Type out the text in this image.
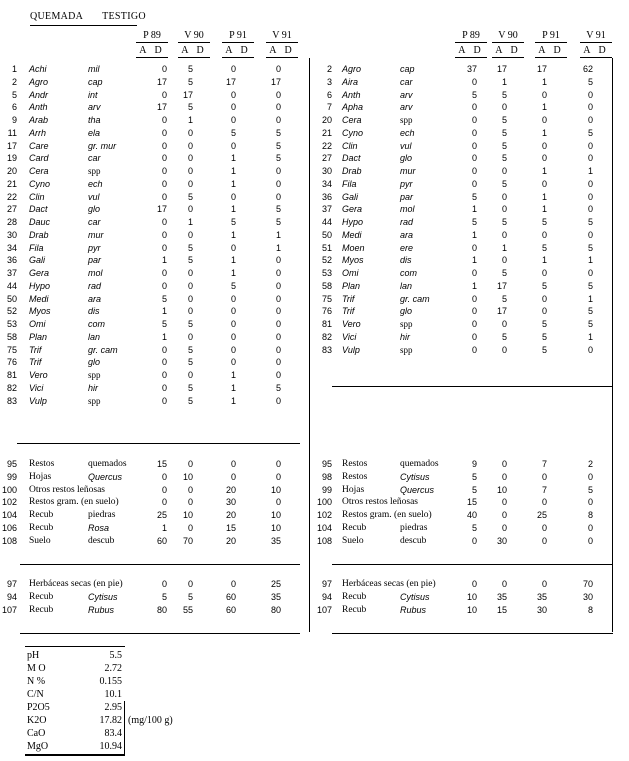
QUEMADA TESTIGO
P 89
A D
V 90
A D
P 91
A D
V 91
A D
P 89
A D
V 90
A D
P 91
A D
V 91
A D
1 Achi	mil	0 5	0	0
2 Agro	cap	17 5	17	17
5 Andr	int	0 17	0	0
6 Anth	arv	17 5	0	0
9 Arab	tha	0 1	0	0
11 Arrh	ela	0 0	5	5
17 Care	gr. mur	0 0	0	5
19 Card	car	0 0	1	5
20 Cera	spp	0 0	1	0
21 Cyno	ech	0 0	1	0
22 Clin	vul	0 5	0	0
27 Dact	glo	17 0	1	5
28 Dauc	car	0 1	5	5
30 Drab	mur	0 0	1	1
34 Fila	pyr	0 5	0	1
36 Gali	par	1 5	1	0
37 Gera	mol	0 0	1	0
44 Hypo	rad	0 0	5	0
50 Medi	ara	5 0	0	0
52 Myos	dis	1 0	0	0
53 Omi	com	5 5	0	0
58 Plan	lan	1 0	0	0
75 Trif	gr. cam	0 5	0	0
76 Trif	glo	0 5	0	0
81 Vero	spp	0 0	1	0
82 Vici	hir	0 5	1	5
83 Vulp	spp	0 5	1	0
95 Restos	quemados	15 0	0	0
99 Hojas	Quercus	0 10	0	0
100 Otros restos leñosas	0 0	20	10
102 Restos gram. (en suelo)	0 0	30	0
104 Recub	piedras	25 10	20	10
106 Recub	Rosa	1 0	15	10
108 Suelo	descub	60 70	20	35
97 Herbáceas secas (en pie)	0 0	0	25
94 Recub	Cytisus	5 5	60	35
107 Recub	Rubus	80 55	60	80
2 Agro	cap	37 17	17	62
3 Aira	car	0	1	1	5
6 Anth	arv	5	5	0	0
7 Apha	arv	0	0	1	0
20 Cera	spp	0	5	0	0
21 Cyno	ech	0	5	1	5
22 Clin	vul	0	5	0	0
27 Dact	glo	0	5	0	0
30 Drab	mur	0	0	1	1
34 Fila	pyr	0	5	0	0
36 Gali	par	5	0	1	0
37 Gera	mol	1	0	1	0
44 Hypo	rad	5	5	5	5
50 Medi	ara	1	0	0	0
51 Moen	ere	0	1	5	5
52 Myos	dis	1	0	1	1
53 Omi	com	0	5	0	0
58 Plan	lan	1 17	5	5
75 Trif	gr. cam	0	5	0	1
76 Trif	glo	0 17	0	5
81 Vero	spp	0	0	5	5
82 Vici	hir	0	5	5	1
83 Vulp	spp	0	0	5	0
95 Restos	quemados	9	0	7	2
98 Restos	Cytisus	5	0	0	0
99 Hojas	Quercus	5 10	7	5
100 Otros restos leñosas	15	0	0	0
102 Restos gram. (en suelo)	40	0	25	8
104 Recub	piedras	5	0	0	0
108 Suelo	descub	0 30	0	0
97 Herbáceas secas (en pie)	0	0	0	70
94 Recub	Cytisus	10 35	35	30
107 Recub	Rubus	10 15	30	8
pH	5.5
M O	2.72
N %	0.155
C/N	10.1
P2O5	2.95
K2O	17.82
CaO	83.4
MgO	10.94
(mg/100 g)
